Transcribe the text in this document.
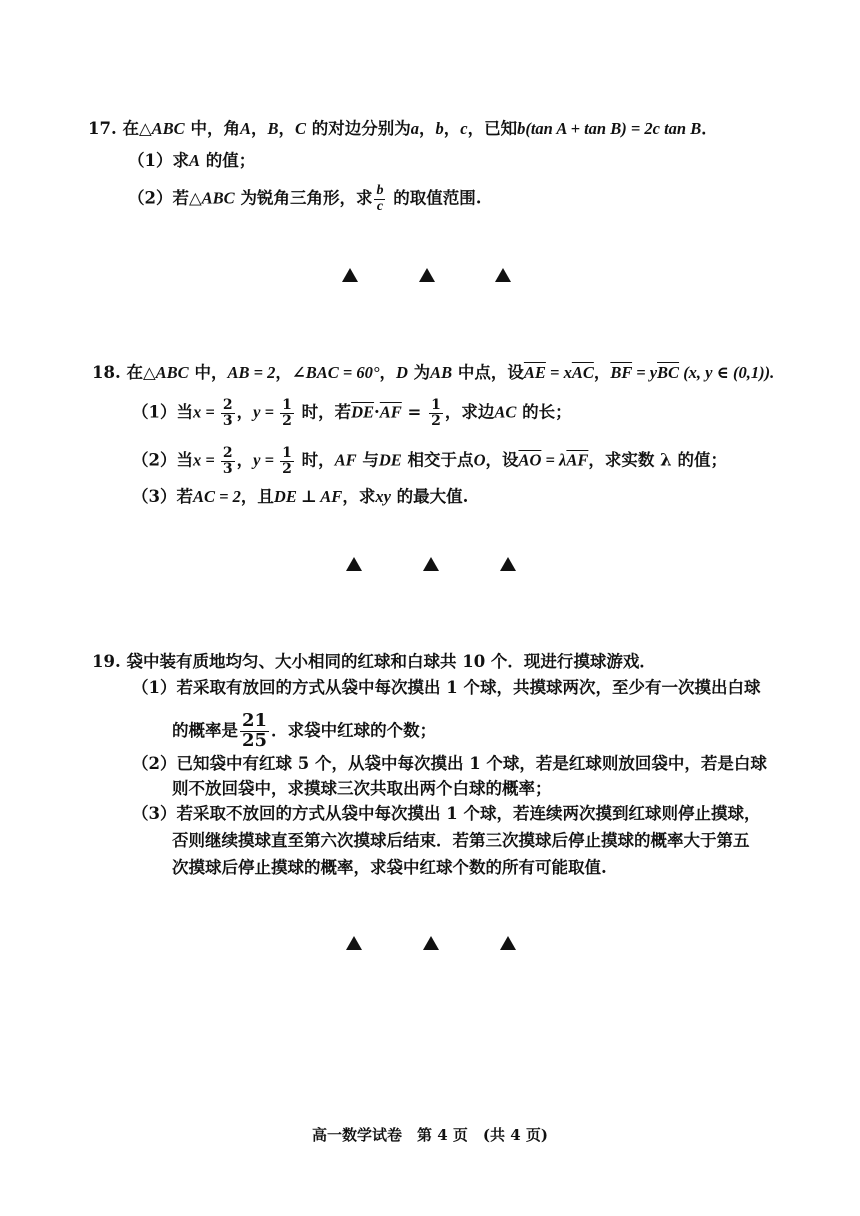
17. 在△ABC 中，角A，B，C 的对边分别为a，b，c，已知b(tan A + tan B) = 2c tan B．
（1）求A 的值；
（2）若△ABC 为锐角三角形，求 $\frac{b}{c}$ 的取值范围.
18. 在△ABC 中，AB = 2，∠BAC = 60°，D 为AB 中点，设$\overline{AE} = x\overline{AC}$，$\overline{BF} = y\overline{BC}$ (x, y ∈ (0,1)).
（1）当$x = \frac{2}{3}$ ，$y = \frac{1}{2}$ 时，若$\overline{DE}\cdot\overline{AF} = \frac{1}{2}$ ，求边AC 的长；
（2）当$x = \frac{2}{3}$ ，$y = \frac{1}{2}$ 时，AF 与DE 相交于点O，设$\overline{AO} = \lambda\overline{AF}$，求实数 λ 的值；
（3）若AC = 2，且DE ⊥ AF，求xy 的最大值.
19. 袋中装有质地均匀、大小相同的红球和白球共 10 个．现进行摸球游戏．
（1）若采取有放回的方式从袋中每次摸出 1 个球，共摸球两次，至少有一次摸出白球
的概率是 $\frac{21}{25}$ ．求袋中红球的个数；
（2）已知袋中有红球 5 个，从袋中每次摸出 1 个球，若是红球则放回袋中，若是白球
则不放回袋中，求摸球三次共取出两个白球的概率；
（3）若采取不放回的方式从袋中每次摸出 1 个球，若连续两次摸到红球则停止摸球，
否则继续摸球直至第六次摸球后结束．若第三次摸球后停止摸球的概率大于第五
次摸球后停止摸球的概率，求袋中红球个数的所有可能取值.
高一数学试卷　第 4 页　(共 4 页)
